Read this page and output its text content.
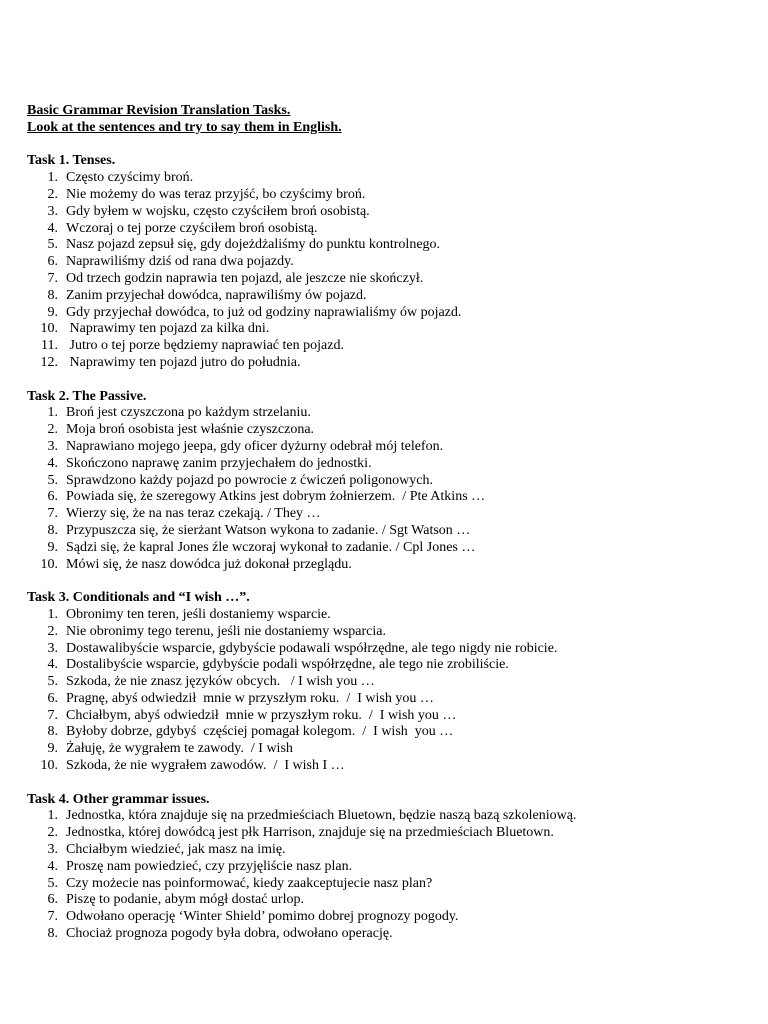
Basic Grammar Revision Translation Tasks.
Look at the sentences and try to say them in English.
Task 1. Tenses.
1. Często czyścimy broń.
2. Nie możemy do was teraz przyjść, bo czyścimy broń.
3. Gdy byłem w wojsku, często czyściłem broń osobistą.
4. Wczoraj o tej porze czyściłem broń osobistą.
5. Nasz pojazd zepsuł się, gdy dojeżdżaliśmy do punktu kontrolnego.
6. Naprawiliśmy dziś od rana dwa pojazdy.
7. Od trzech godzin naprawia ten pojazd, ale jeszcze nie skończył.
8. Zanim przyjechał dowódca, naprawiliśmy ów pojazd.
9. Gdy przyjechał dowódca, to już od godziny naprawialiśmy ów pojazd.
10. Naprawimy ten pojazd za kilka dni.
11. Jutro o tej porze będziemy naprawiać ten pojazd.
12. Naprawimy ten pojazd jutro do południa.
Task 2. The Passive.
1. Broń jest czyszczona po każdym strzelaniu.
2. Moja broń osobista jest właśnie czyszczona.
3. Naprawiano mojego jeepa, gdy oficer dyżurny odebrał mój telefon.
4. Skończono naprawę zanim przyjechałem do jednostki.
5. Sprawdzono każdy pojazd po powrocie z ćwiczeń poligonowych.
6. Powiada się, że szeregowy Atkins jest dobrym żołnierzem.  / Pte Atkins …
7. Wierzy się, że na nas teraz czekają. / They …
8. Przypuszcza się, że sierżant Watson wykona to zadanie. / Sgt Watson …
9. Sądzi się, że kapral Jones źle wczoraj wykonał to zadanie. / Cpl Jones …
10. Mówi się, że nasz dowódca już dokonał przeglądu.
Task 3. Conditionals and “I wish …”.
1. Obronimy ten teren, jeśli dostaniemy wsparcie.
2. Nie obronimy tego terenu, jeśli nie dostaniemy wsparcia.
3. Dostawalibyście wsparcie, gdybyście podawali współrzędne, ale tego nigdy nie robicie.
4. Dostalibyście wsparcie, gdybyście podali współrzędne, ale tego nie zrobiliście.
5. Szkoda, że nie znasz języków obcych.   / I wish you …
6. Pragnę, abyś odwiedził  mnie w przyszłym roku.  /  I wish you …
7. Chciałbym, abyś odwiedził  mnie w przyszłym roku.  /  I wish you …
8. Byłoby dobrze, gdybyś  częściej pomagał kolegom.  /  I wish  you …
9. Żałuję, że wygrałem te zawody.  / I wish
10. Szkoda, że nie wygrałem zawodów.  /  I wish I …
Task 4. Other grammar issues.
1. Jednostka, która znajduje się na przedmieściach Bluetown, będzie naszą bazą szkoleniową.
2. Jednostka, której dowódcą jest płk Harrison, znajduje się na przedmieściach Bluetown.
3. Chciałbym wiedzieć, jak masz na imię.
4. Proszę nam powiedzieć, czy przyjęliście nasz plan.
5. Czy możecie nas poinformować, kiedy zaakceptujecie nasz plan?
6. Piszę to podanie, abym mógł dostać urlop.
7. Odwołano operację ‘Winter Shield’ pomimo dobrej prognozy pogody.
8. Chociaż prognoza pogody była dobra, odwołano operację.
